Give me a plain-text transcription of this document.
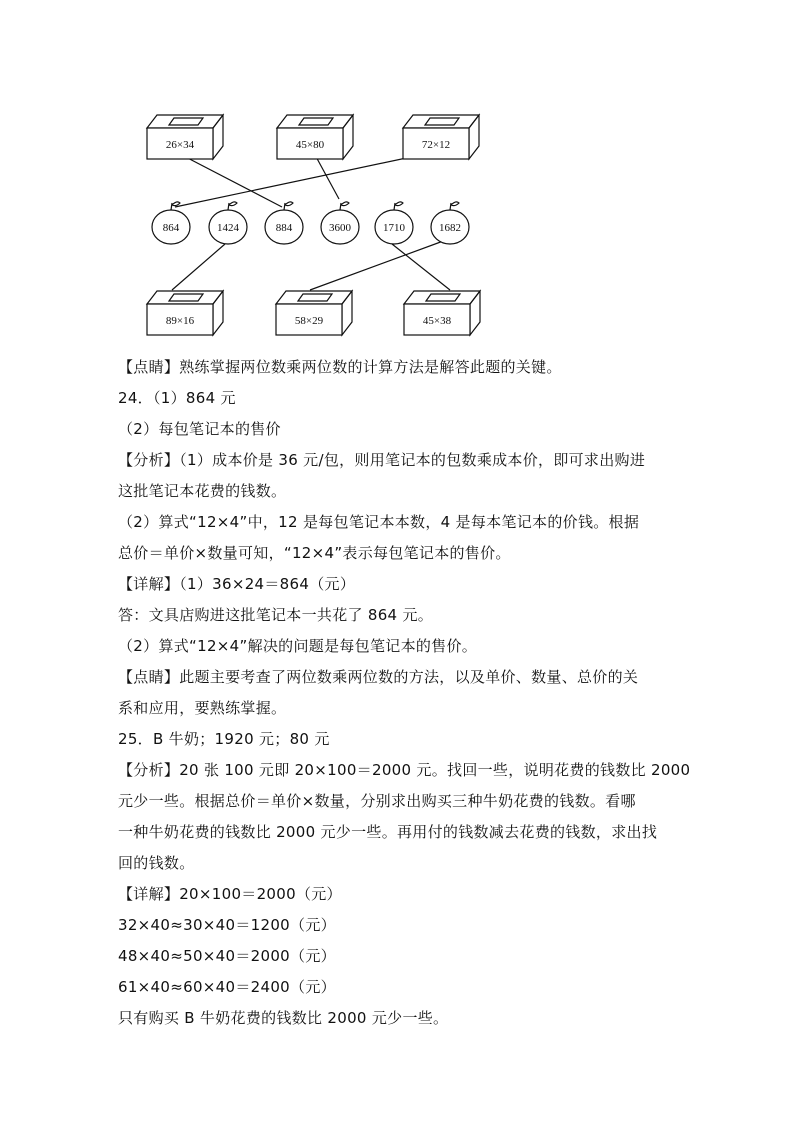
26×34	45×80	72×12
864	1424	884	3600	1710	1682
89×16	58×29	45×38
【点睛】熟练掌握两位数乘两位数的计算方法是解答此题的关键。
24．（1）864 元
（2）每包笔记本的售价
【分析】（1）成本价是 36 元/包，则用笔记本的包数乘成本价，即可求出购进
这批笔记本花费的钱数。
（2）算式“12×4”中，12 是每包笔记本本数，4 是每本笔记本的价钱。根据
总价＝单价×数量可知，“12×4”表示每包笔记本的售价。
【详解】（1）36×24＝864（元）
答：文具店购进这批笔记本一共花了 864 元。
（2）算式“12×4”解决的问题是每包笔记本的售价。
【点睛】此题主要考查了两位数乘两位数的方法，以及单价、数量、总价的关
系和应用，要熟练掌握。
25．B 牛奶；1920 元；80 元
【分析】20 张 100 元即 20×100＝2000 元。找回一些，说明花费的钱数比 2000
元少一些。根据总价＝单价×数量，分别求出购买三种牛奶花费的钱数。看哪
一种牛奶花费的钱数比 2000 元少一些。再用付的钱数减去花费的钱数，求出找
回的钱数。
【详解】20×100＝2000（元）
32×40≈30×40＝1200（元）
48×40≈50×40＝2000（元）
61×40≈60×40＝2400（元）
只有购买 B 牛奶花费的钱数比 2000 元少一些。
